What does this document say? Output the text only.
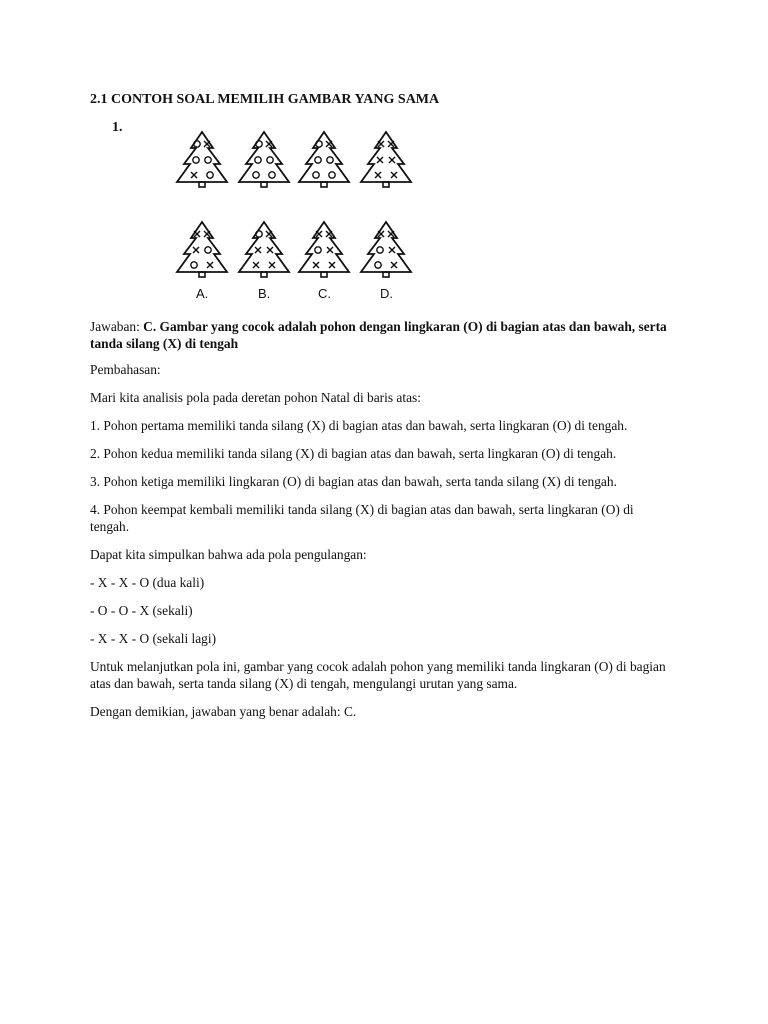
2.1 CONTOH SOAL MEMILIH GAMBAR YANG SAMA
1.
A.	B.	C.	D.

Jawaban: C. Gambar yang cocok adalah pohon dengan lingkaran (O) di bagian atas dan bawah, serta tanda silang (X) di tengah

Pembahasan:

Mari kita analisis pola pada deretan pohon Natal di baris atas:

1. Pohon pertama memiliki tanda silang (X) di bagian atas dan bawah, serta lingkaran (O) di tengah.

2. Pohon kedua memiliki tanda silang (X) di bagian atas dan bawah, serta lingkaran (O) di tengah.

3. Pohon ketiga memiliki lingkaran (O) di bagian atas dan bawah, serta tanda silang (X) di tengah.

4. Pohon keempat kembali memiliki tanda silang (X) di bagian atas dan bawah, serta lingkaran (O) di tengah.

Dapat kita simpulkan bahwa ada pola pengulangan:

- X - X - O (dua kali)

- O - O - X (sekali)

- X - X - O (sekali lagi)

Untuk melanjutkan pola ini, gambar yang cocok adalah pohon yang memiliki tanda lingkaran (O) di bagian atas dan bawah, serta tanda silang (X) di tengah, mengulangi urutan yang sama.

Dengan demikian, jawaban yang benar adalah: C.
